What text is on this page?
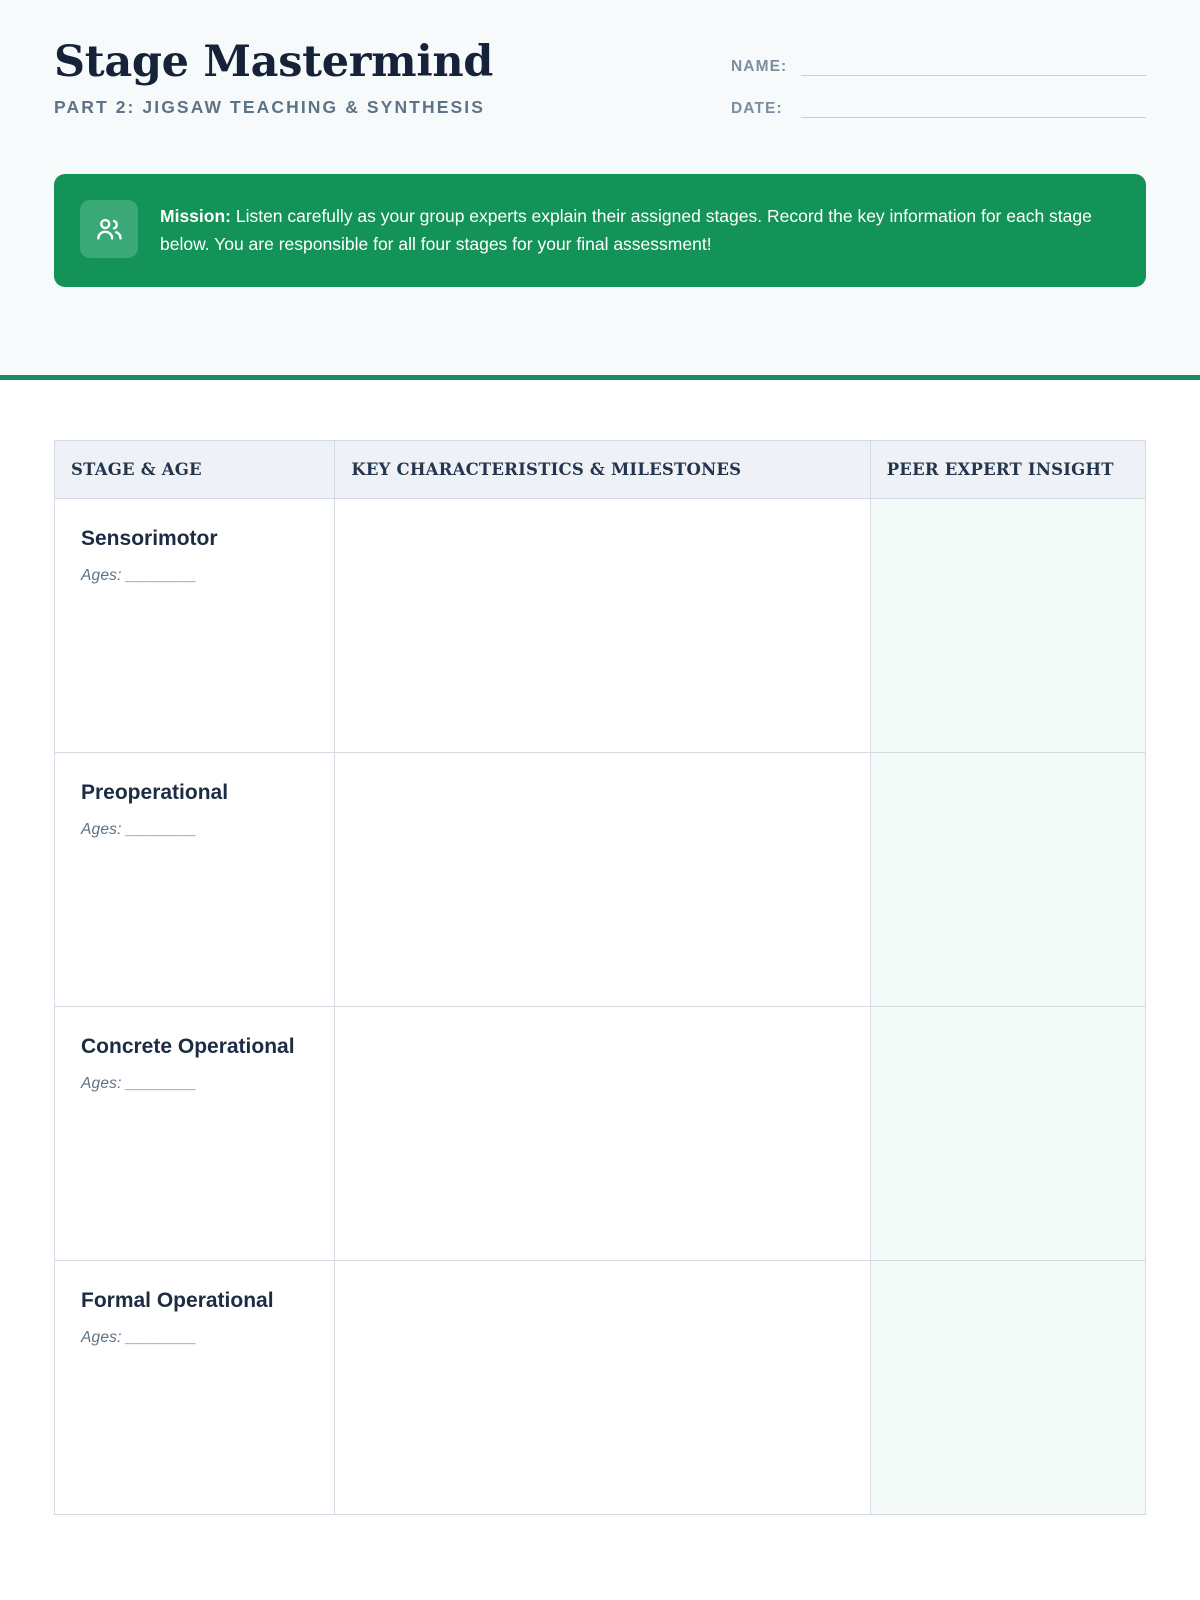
Stage Mastermind
PART 2: JIGSAW TEACHING & SYNTHESIS
NAME:
DATE:
Mission: Listen carefully as your group experts explain their assigned stages. Record the key information for each stage below. You are responsible for all four stages for your final assessment!
STAGE & AGE	KEY CHARACTERISTICS & MILESTONES	PEER EXPERT INSIGHT

Sensorimotor
Ages: ________		

Preoperational
Ages: ________		

Concrete Operational
Ages: ________		

Formal Operational
Ages: ________		
